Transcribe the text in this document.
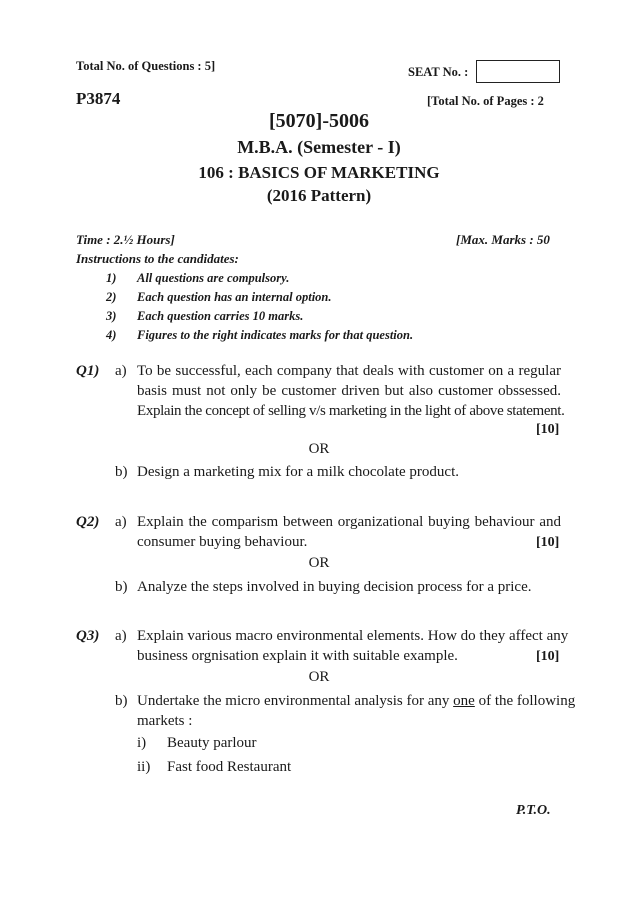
Total No. of Questions : 5]	SEAT No. :
P3874	[Total No. of Pages : 2
[5070]-5006
M.B.A. (Semester - I)
106 : BASICS OF MARKETING
(2016 Pattern)
Time : 2.½ Hours]	[Max. Marks : 50
Instructions to the candidates:
1) All questions are compulsory.
2) Each question has an internal option.
3) Each question carries 10 marks.
4) Figures to the right indicates marks for that question.
Q1) a) To be successful, each company that deals with customer on a regular
basis must not only be customer driven but also customer obssessed.
Explain the concept of selling v/s marketing in the light of above statement.
[10]
OR
b) Design a marketing mix for a milk chocolate product.
Q2) a) Explain the comparism between organizational buying behaviour and
consumer buying behaviour.	[10]
OR
b) Analyze the steps involved in buying decision process for a price.
Q3) a) Explain various macro environmental elements. How do they affect any
business orgnisation explain it with suitable example.	[10]
OR
b) Undertake the micro environmental analysis for any one of the following
markets :
i) Beauty parlour
ii) Fast food Restaurant
P.T.O.
